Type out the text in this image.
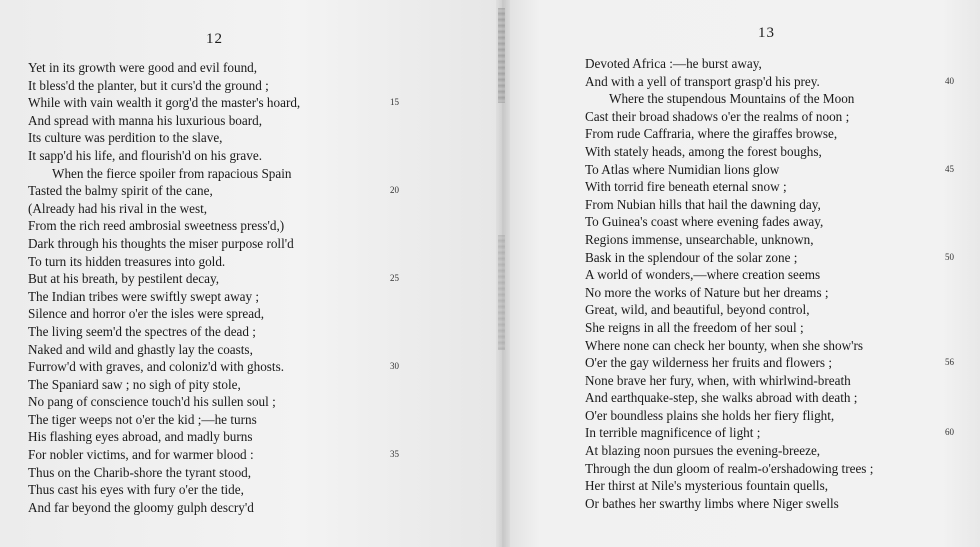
12
Yet in its growth were good and evil found,
It bless'd the planter, but it curs'd the ground ;
While with vain wealth it gorg'd the master's hoard,	15
And spread with manna his luxurious board,
Its culture was perdition to the slave,
It sapp'd his life, and flourish'd on his grave.
When the fierce spoiler from rapacious Spain
Tasted the balmy spirit of the cane,	20
(Already had his rival in the west,
From the rich reed ambrosial sweetness press'd,)
Dark through his thoughts the miser purpose roll'd
To turn its hidden treasures into gold.
But at his breath, by pestilent decay,	25
The Indian tribes were swiftly swept away ;
Silence and horror o'er the isles were spread,
The living seem'd the spectres of the dead ;
Naked and wild and ghastly lay the coasts,
Furrow'd with graves, and coloniz'd with ghosts.	30
The Spaniard saw ; no sigh of pity stole,
No pang of conscience touch'd his sullen soul ;
The tiger weeps not o'er the kid ;—he turns
His flashing eyes abroad, and madly burns
For nobler victims, and for warmer blood :	35
Thus on the Charib-shore the tyrant stood,
Thus cast his eyes with fury o'er the tide,
And far beyond the gloomy gulph descry'd
13
Devoted Africa :—he burst away,
And with a yell of transport grasp'd his prey.	40
Where the stupendous Mountains of the Moon
Cast their broad shadows o'er the realms of noon ;
From rude Caffraria, where the giraffes browse,
With stately heads, among the forest boughs,
To Atlas where Numidian lions glow	45
With torrid fire beneath eternal snow ;
From Nubian hills that hail the dawning day,
To Guinea's coast where evening fades away,
Regions immense, unsearchable, unknown,
Bask in the splendour of the solar zone ;	50
A world of wonders,—where creation seems
No more the works of Nature but her dreams ;
Great, wild, and beautiful, beyond control,
She reigns in all the freedom of her soul ;
Where none can check her bounty, when she show'rs
O'er the gay wilderness her fruits and flowers ;	56
None brave her fury, when, with whirlwind-breath
And earthquake-step, she walks abroad with death ;
O'er boundless plains she holds her fiery flight,
In terrible magnificence of light ;	60
At blazing noon pursues the evening-breeze,
Through the dun gloom of realm-o'ershadowing trees ;
Her thirst at Nile's mysterious fountain quells,
Or bathes her swarthy limbs where Niger swells
